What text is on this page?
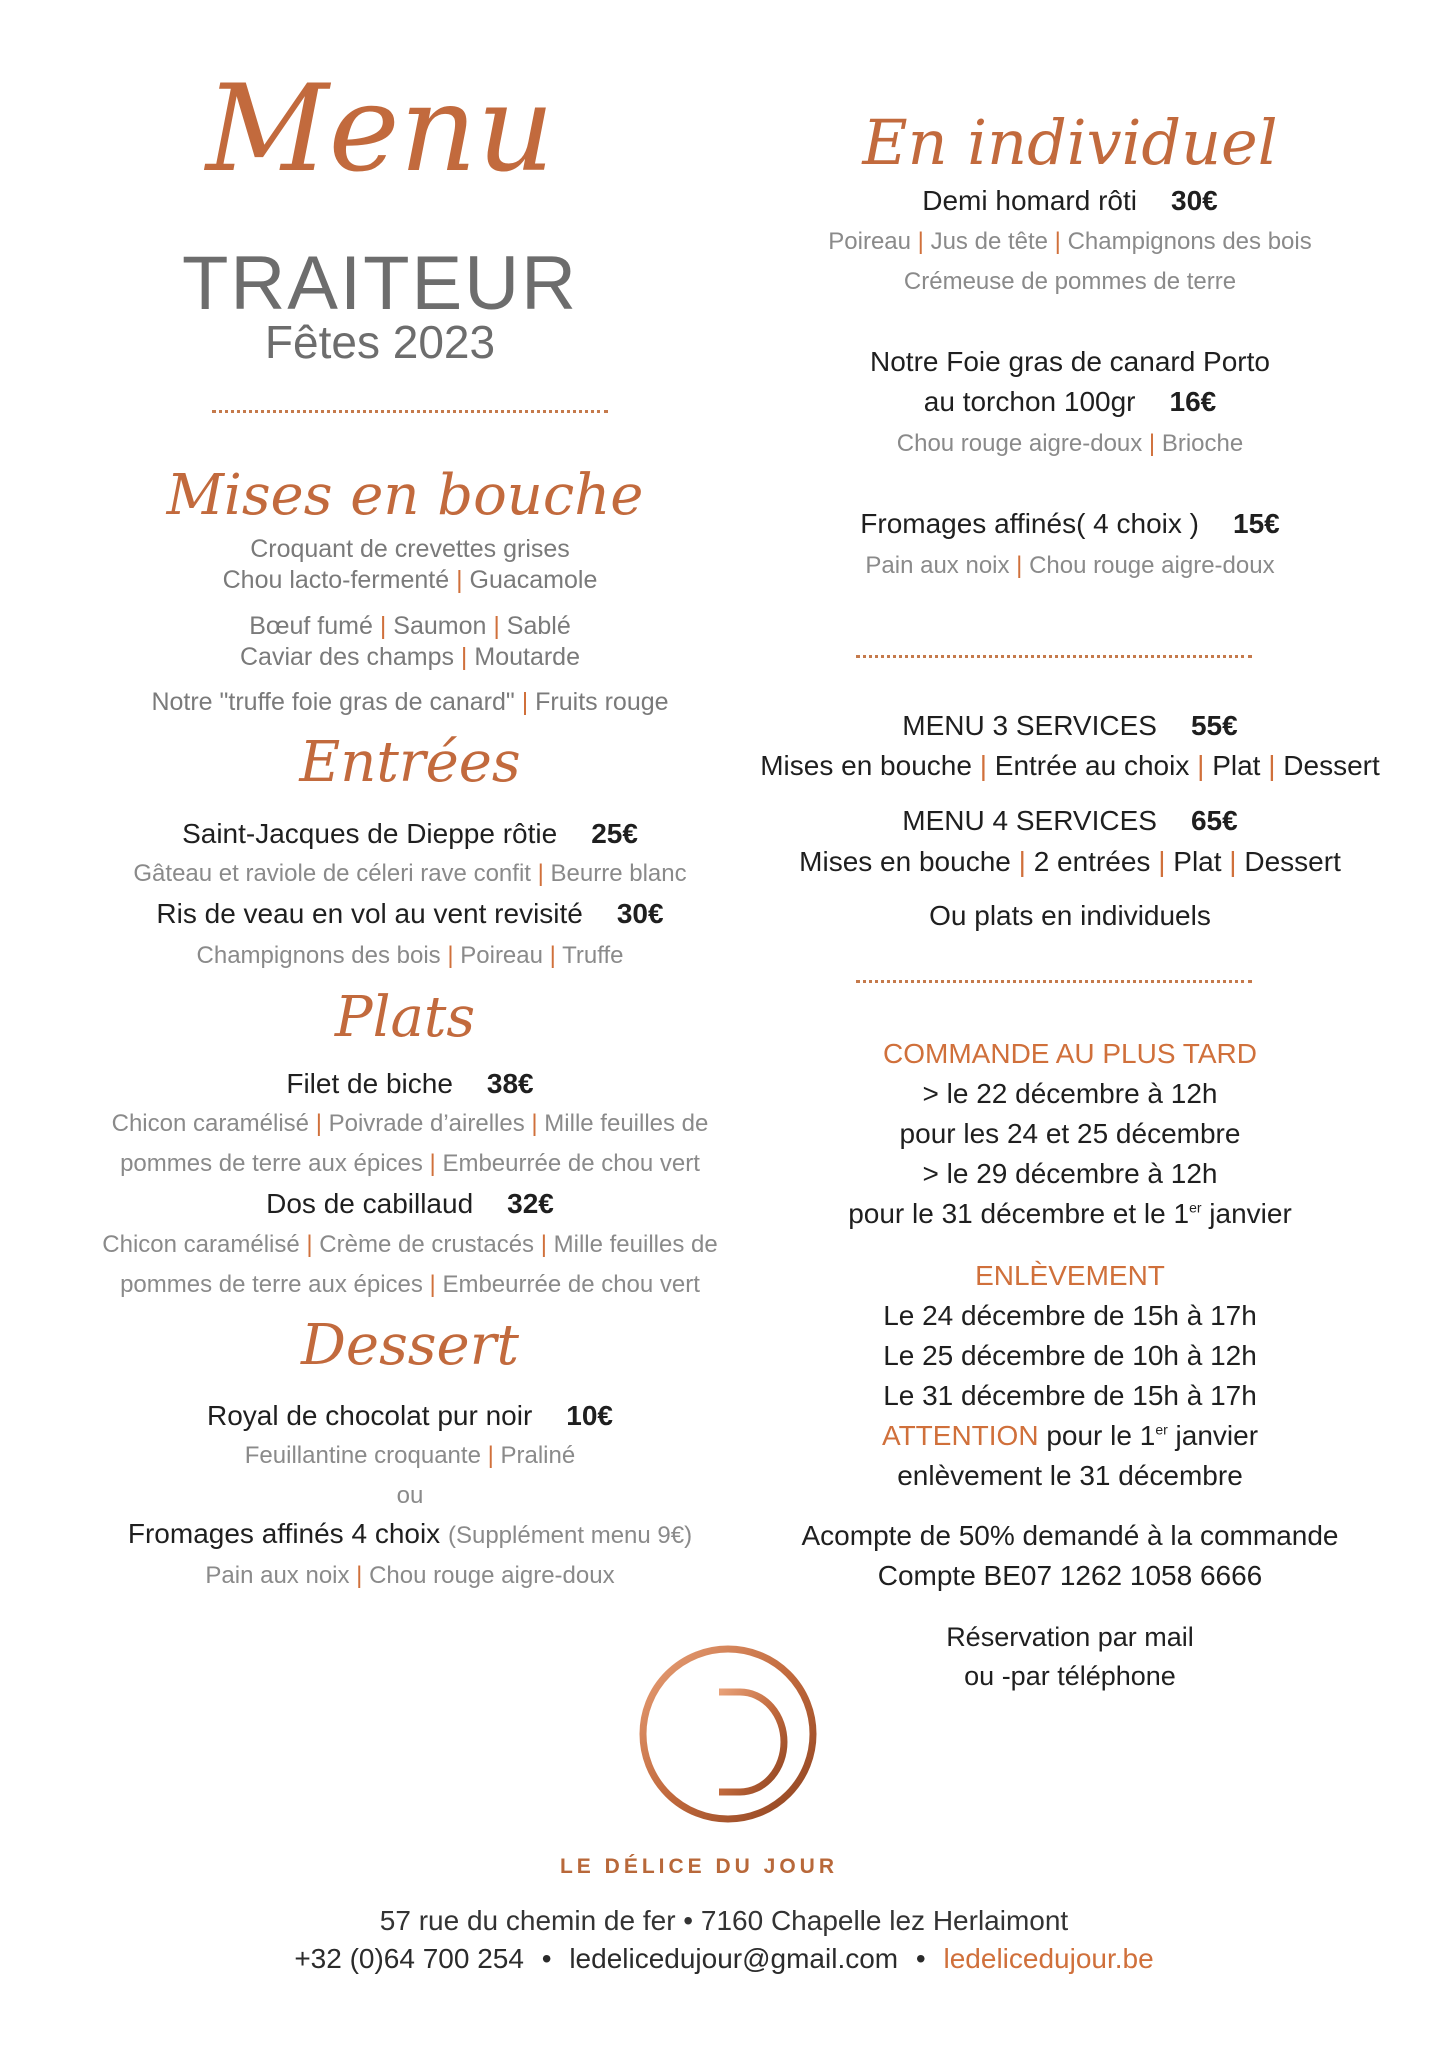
Menu
TRAITEUR
Fêtes 2023
Mises en bouche
Croquant de crevettes grises
Chou lacto-fermenté | Guacamole
Bœuf fumé | Saumon | Sablé
Caviar des champs | Moutarde
Notre "truffe foie gras de canard" | Fruits rouge
Entrées
Saint-Jacques de Dieppe rôtie 25€
Gâteau et raviole de céleri rave confit | Beurre blanc
Ris de veau en vol au vent revisité 30€
Champignons des bois | Poireau | Truffe
Plats
Filet de biche 38€
Chicon caramélisé | Poivrade d’airelles | Mille feuilles de
pommes de terre aux épices | Embeurrée de chou vert
Dos de cabillaud 32€
Chicon caramélisé | Crème de crustacés | Mille feuilles de
pommes de terre aux épices | Embeurrée de chou vert
Dessert
Royal de chocolat pur noir 10€
Feuillantine croquante | Praliné
ou
Fromages affinés 4 choix (Supplément menu 9€)
Pain aux noix | Chou rouge aigre-doux
En individuel
Demi homard rôti 30€
Poireau | Jus de tête | Champignons des bois
Crémeuse de pommes de terre
Notre Foie gras de canard Porto
au torchon 100gr 16€
Chou rouge aigre-doux | Brioche
Fromages affinés( 4 choix ) 15€
Pain aux noix | Chou rouge aigre-doux
MENU 3 SERVICES 55€
Mises en bouche | Entrée au choix | Plat | Dessert
MENU 4 SERVICES 65€
Mises en bouche | 2 entrées | Plat | Dessert
Ou plats en individuels
COMMANDE AU PLUS TARD
> le 22 décembre à 12h
pour les 24 et 25 décembre
> le 29 décembre à 12h
pour le 31 décembre et le 1er janvier
ENLÈVEMENT
Le 24 décembre de 15h à 17h
Le 25 décembre de 10h à 12h
Le 31 décembre de 15h à 17h
ATTENTION pour le 1er janvier
enlèvement le 31 décembre
Acompte de 50% demandé à la commande
Compte BE07 1262 1058 6666
Réservation par mail
ou -par téléphone
LE DÉLICE DU JOUR
57 rue du chemin de fer • 7160 Chapelle lez Herlaimont
+32 (0)64 700 254 • ledelicedujour@gmail.com • ledelicedujour.be
